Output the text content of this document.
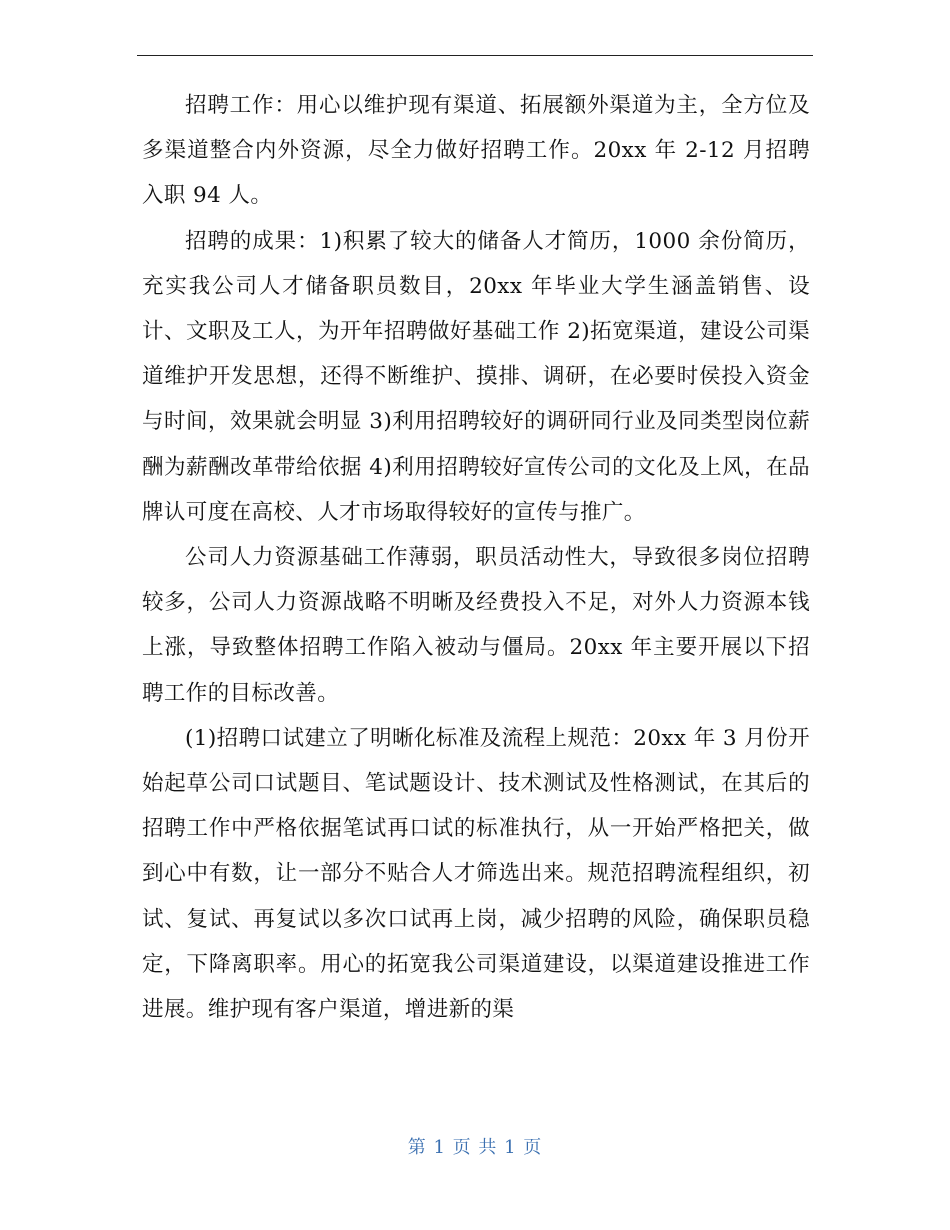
招聘工作：用心以维护现有渠道、拓展额外渠道为主，全方位及多渠道整合内外资源，尽全力做好招聘工作。20xx 年 2-12 月招聘入职 94 人。

招聘的成果：1)积累了较大的储备人才简历，1000 余份简历，充实我公司人才储备职员数目，20xx 年毕业大学生涵盖销售、设计、文职及工人，为开年招聘做好基础工作 2)拓宽渠道，建设公司渠道维护开发思想，还得不断维护、摸排、调研，在必要时侯投入资金与时间，效果就会明显 3)利用招聘较好的调研同行业及同类型岗位薪酬为薪酬改革带给依据 4)利用招聘较好宣传公司的文化及上风，在品牌认可度在高校、人才市场取得较好的宣传与推广。

公司人力资源基础工作薄弱，职员活动性大，导致很多岗位招聘较多，公司人力资源战略不明晰及经费投入不足，对外人力资源本钱上涨，导致整体招聘工作陷入被动与僵局。20xx 年主要开展以下招聘工作的目标改善。

(1)招聘口试建立了明晰化标准及流程上规范：20xx 年 3 月份开始起草公司口试题目、笔试题设计、技术测试及性格测试，在其后的招聘工作中严格依据笔试再口试的标准执行，从一开始严格把关，做到心中有数，让一部分不贴合人才筛选出来。规范招聘流程组织，初试、复试、再复试以多次口试再上岗，减少招聘的风险，确保职员稳定，下降离职率。用心的拓宽我公司渠道建设，以渠道建设推进工作进展。维护现有客户渠道，增进新的渠

第 1 页 共 1 页
